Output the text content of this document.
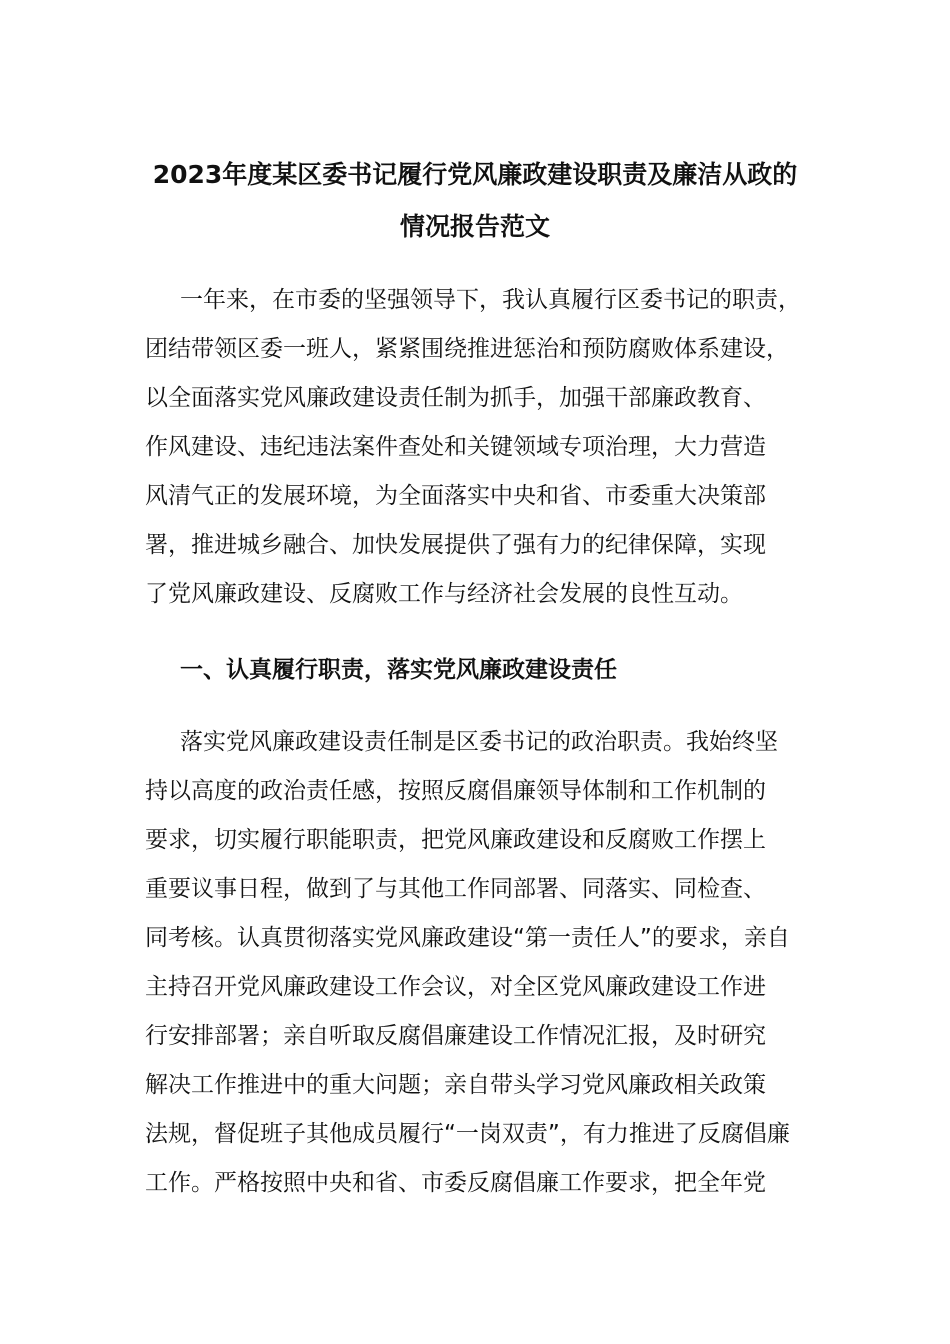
2023年度某区委书记履行党风廉政建设职责及廉洁从政的
情况报告范文
一年来，在市委的坚强领导下，我认真履行区委书记的职责，
团结带领区委一班人，紧紧围绕推进惩治和预防腐败体系建设，
以全面落实党风廉政建设责任制为抓手，加强干部廉政教育、
作风建设、违纪违法案件查处和关键领域专项治理，大力营造
风清气正的发展环境，为全面落实中央和省、市委重大决策部
署，推进城乡融合、加快发展提供了强有力的纪律保障，实现
了党风廉政建设、反腐败工作与经济社会发展的良性互动。
一、认真履行职责，落实党风廉政建设责任
落实党风廉政建设责任制是区委书记的政治职责。我始终坚
持以高度的政治责任感，按照反腐倡廉领导体制和工作机制的
要求，切实履行职能职责，把党风廉政建设和反腐败工作摆上
重要议事日程，做到了与其他工作同部署、同落实、同检查、
同考核。认真贯彻落实党风廉政建设“第一责任人”的要求，亲自
主持召开党风廉政建设工作会议，对全区党风廉政建设工作进
行安排部署；亲自听取反腐倡廉建设工作情况汇报，及时研究
解决工作推进中的重大问题；亲自带头学习党风廉政相关政策
法规，督促班子其他成员履行“一岗双责”，有力推进了反腐倡廉
工作。严格按照中央和省、市委反腐倡廉工作要求，把全年党
